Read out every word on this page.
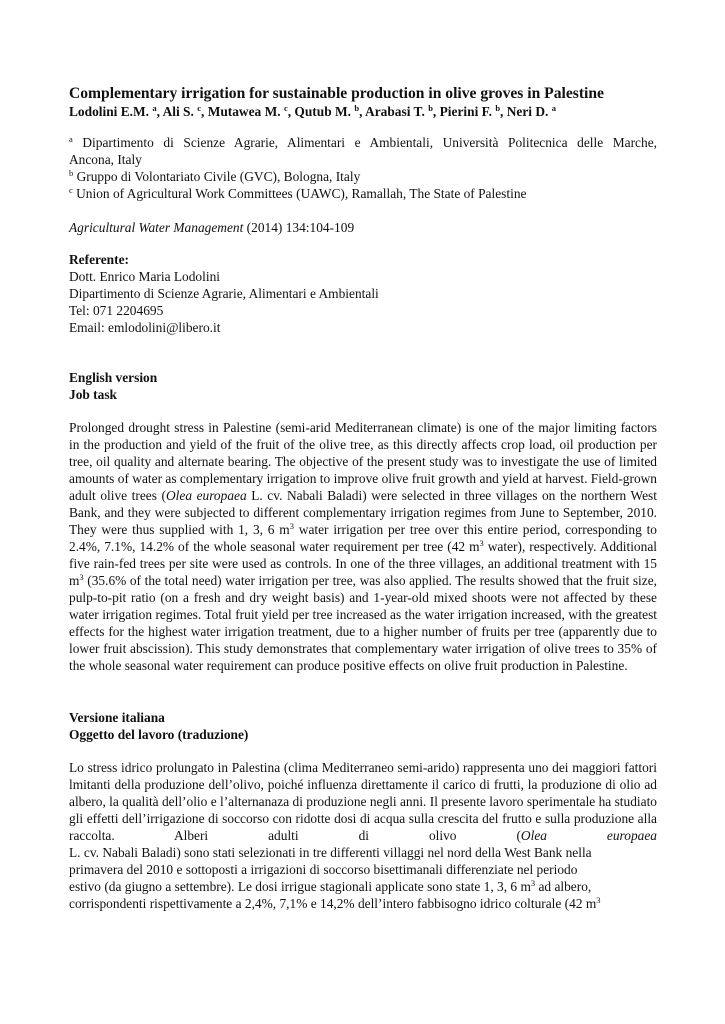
Complementary irrigation for sustainable production in olive groves in Palestine

Lodolini E.M. $^a$, Ali S. $^c$, Mutawea M. $^c$, Qutub M. $^b$, Arabasi T. $^b$, Pierini F. $^b$, Neri D. $^a$

$^a$ Dipartimento di Scienze Agrarie, Alimentari e Ambientali, Università Politecnica delle Marche,
Ancona, Italy
$^b$ Gruppo di Volontariato Civile (GVC), Bologna, Italy
$^c$ Union of Agricultural Work Committees (UAWC), Ramallah, The State of Palestine

Agricultural Water Management (2014) 134:104-109

Referente:
Dott. Enrico Maria Lodolini
Dipartimento di Scienze Agrarie, Alimentari e Ambientali
Tel: 071 2204695
Email: emlodolini@libero.it
English version
Job task

Prolonged drought stress in Palestine (semi-arid Mediterranean climate) is one of the major limiting factors in the production and yield of the fruit of the olive tree, as this directly affects crop load, oil production per tree, oil quality and alternate bearing. The objective of the present study was to investigate the use of limited amounts of water as complementary irrigation to improve olive fruit growth and yield at harvest. Field-grown adult olive trees (Olea europaea L. cv. Nabali Baladi) were selected in three villages on the northern West Bank, and they were subjected to different complementary irrigation regimes from June to September, 2010. They were thus supplied with 1, 3, 6 $m^3$ water irrigation per tree over this entire period, corresponding to 2.4%, 7.1%, 14.2% of the whole seasonal water requirement per tree (42 $m^3$ water), respectively. Additional five rain-fed trees per site were used as controls. In one of the three villages, an additional treatment with 15 $m^3$ (35.6% of the total need) water irrigation per tree, was also applied. The results showed that the fruit size, pulp-to-pit ratio (on a fresh and dry weight basis) and 1-year-old mixed shoots were not affected by these water irrigation regimes. Total fruit yield per tree increased as the water irrigation increased, with the greatest effects for the highest water irrigation treatment, due to a higher number of fruits per tree (apparently due to lower fruit abscission). This study demonstrates that complementary water irrigation of olive trees to 35% of the whole seasonal water requirement can produce positive effects on olive fruit production in Palestine.

Versione italiana
Oggetto del lavoro (traduzione)
Lo stress idrico prolungato in Palestina (clima Mediterraneo semi-arido) rappresenta uno dei maggiori fattori lmitanti della produzione dell’olivo, poiché influenza direttamente il carico di frutti, la produzione di olio ad albero, la qualità dell’olio e l’alternanaza di produzione negli anni. Il presente lavoro sperimentale ha studiato gli effetti dell’irrigazione di soccorso con ridotte dosi di acqua sulla crescita del frutto e sulla produzione alla raccolta. Alberi adulti di olivo (Olea europaea
L. cv. Nabali Baladi) sono stati selezionati in tre differenti villaggi nel nord della West Bank nella
primavera del 2010 e sottoposti a irrigazioni di soccorso bisettimanali differenziate nel periodo
estivo (da giugno a settembre). Le dosi irrigue stagionali applicate sono state 1, 3, 6 $m^3$ ad albero,
corrispondenti rispettivamente a 2,4%, 7,1% e 14,2% dell’intero fabbisogno idrico colturale (42 $m^3$
